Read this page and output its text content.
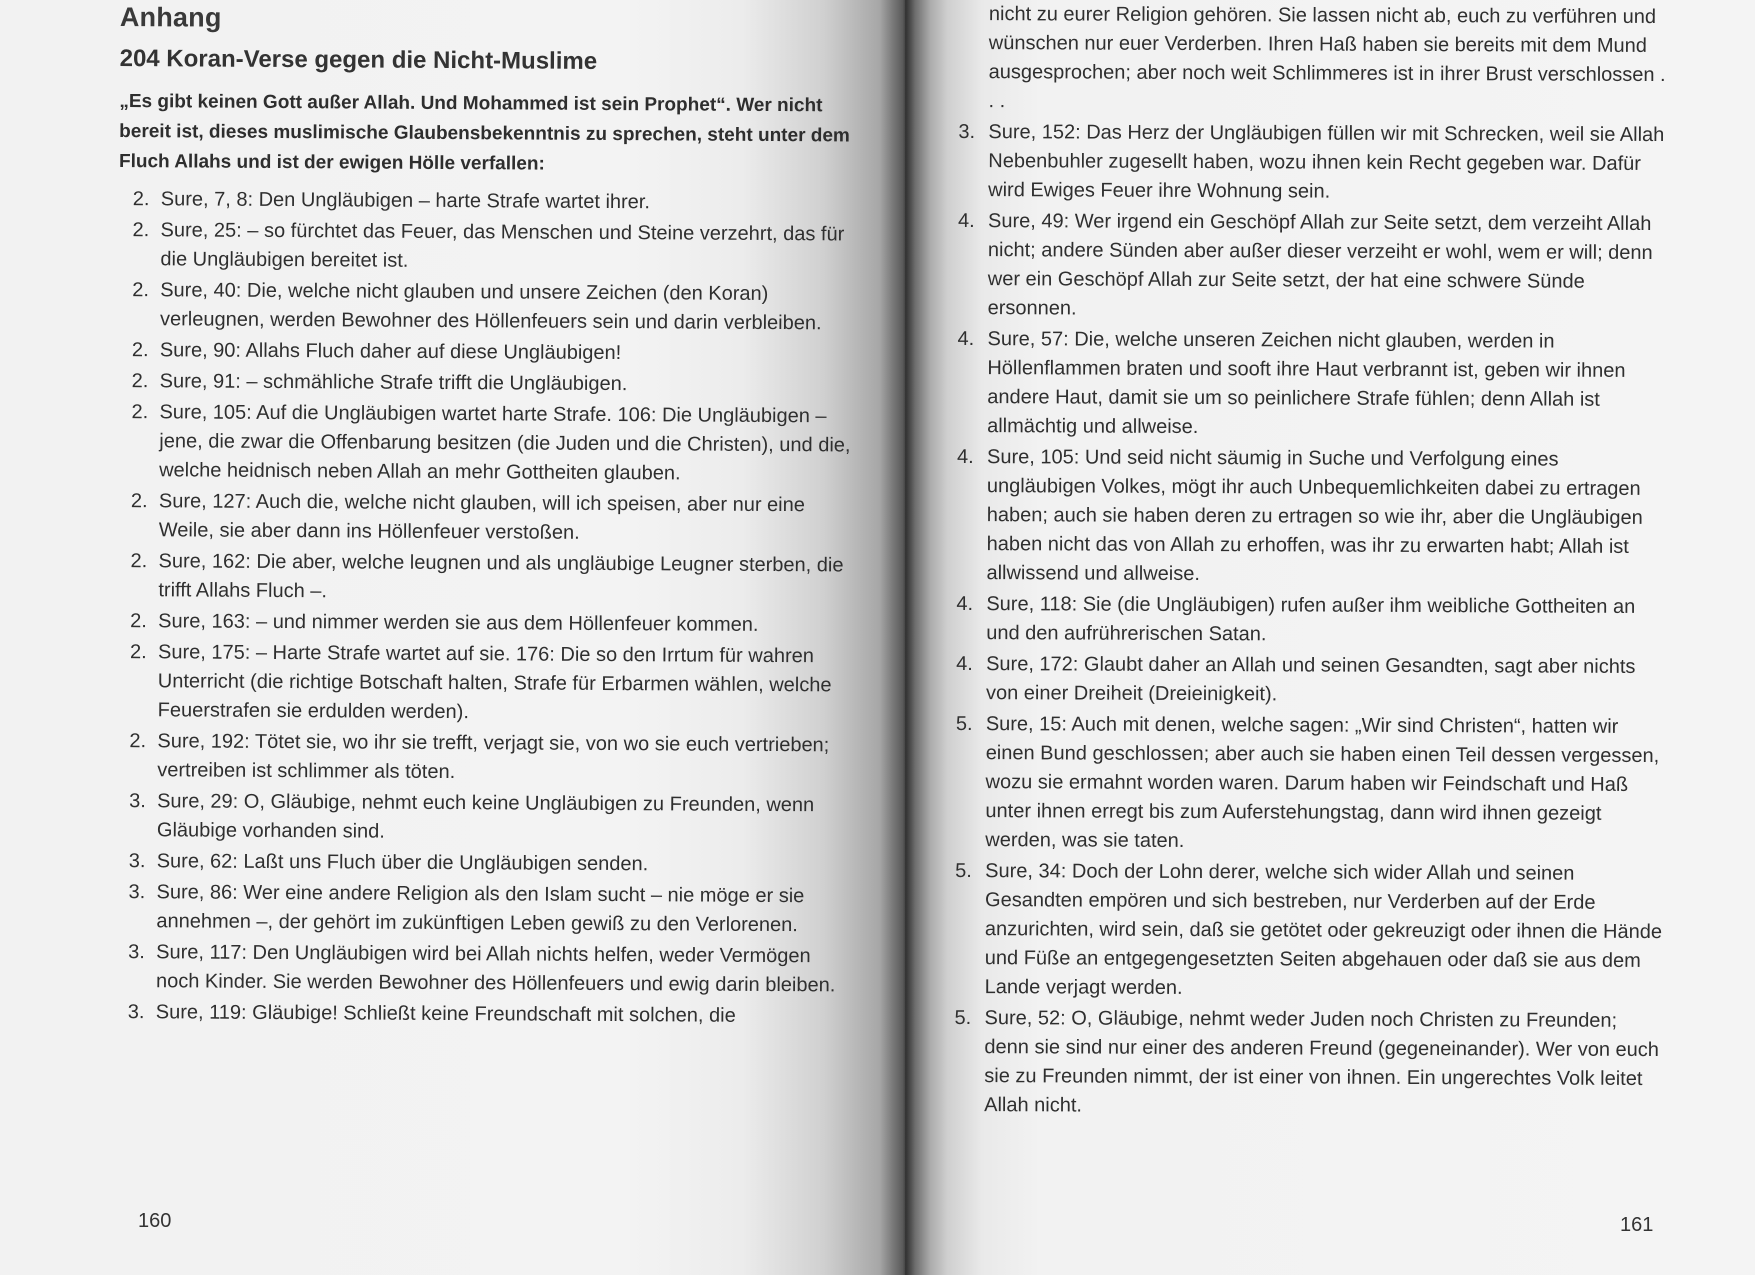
Anhang
204 Koran-Verse gegen die Nicht-Muslime
„Es gibt keinen Gott außer Allah. Und Mohammed ist sein Prophet“. Wer nicht bereit ist, dieses muslimische Glaubensbekenntnis zu sprechen, steht unter dem Fluch Allahs und ist der ewigen Hölle verfallen:
2. Sure, 7, 8: Den Ungläubigen – harte Strafe wartet ihrer.
2. Sure, 25: – so fürchtet das Feuer, das Menschen und Steine verzehrt, das für die Ungläubigen bereitet ist.
2. Sure, 40: Die, welche nicht glauben und unsere Zeichen (den Koran) verleugnen, werden Bewohner des Höllenfeuers sein und darin verbleiben.
2. Sure, 90: Allahs Fluch daher auf diese Ungläubigen!
2. Sure, 91: – schmähliche Strafe trifft die Ungläubigen.
2. Sure, 105: Auf die Ungläubigen wartet harte Strafe. 106: Die Ungläubigen – jene, die zwar die Offenbarung besitzen (die Juden und die Christen), und die, welche heidnisch neben Allah an mehr Gottheiten glauben.
2. Sure, 127: Auch die, welche nicht glauben, will ich speisen, aber nur eine Weile, sie aber dann ins Höllenfeuer verstoßen.
2. Sure, 162: Die aber, welche leugnen und als ungläubige Leugner sterben, die trifft Allahs Fluch –.
2. Sure, 163: – und nimmer werden sie aus dem Höllenfeuer kommen.
2. Sure, 175: – Harte Strafe wartet auf sie. 176: Die so den Irrtum für wahren Unterricht (die richtige Botschaft halten, Strafe für Erbarmen wählen, welche Feuerstrafen sie erdulden werden).
2. Sure, 192: Tötet sie, wo ihr sie trefft, verjagt sie, von wo sie euch vertrieben; vertreiben ist schlimmer als töten.
3. Sure, 29: O, Gläubige, nehmt euch keine Ungläubigen zu Freunden, wenn Gläubige vorhanden sind.
3. Sure, 62: Laßt uns Fluch über die Ungläubigen senden.
3. Sure, 86: Wer eine andere Religion als den Islam sucht – nie möge er sie annehmen –, der gehört im zukünftigen Leben gewiß zu den Verlorenen.
3. Sure, 117: Den Ungläubigen wird bei Allah nichts helfen, weder Vermögen noch Kinder. Sie werden Bewohner des Höllenfeuers und ewig darin bleiben.
3. Sure, 119: Gläubige! Schließt keine Freundschaft mit solchen, die
160
nicht zu eurer Religion gehören. Sie lassen nicht ab, euch zu verführen und wünschen nur euer Verderben. Ihren Haß haben sie bereits mit dem Mund ausgesprochen; aber noch weit Schlimmeres ist in ihrer Brust verschlossen . . .
3. Sure, 152: Das Herz der Ungläubigen füllen wir mit Schrecken, weil sie Allah Nebenbuhler zugesellt haben, wozu ihnen kein Recht gegeben war. Dafür wird Ewiges Feuer ihre Wohnung sein.
4. Sure, 49: Wer irgend ein Geschöpf Allah zur Seite setzt, dem verzeiht Allah nicht; andere Sünden aber außer dieser verzeiht er wohl, wem er will; denn wer ein Geschöpf Allah zur Seite setzt, der hat eine schwere Sünde ersonnen.
4. Sure, 57: Die, welche unseren Zeichen nicht glauben, werden in Höllenflammen braten und sooft ihre Haut verbrannt ist, geben wir ihnen andere Haut, damit sie um so peinlichere Strafe fühlen; denn Allah ist allmächtig und allweise.
4. Sure, 105: Und seid nicht säumig in Suche und Verfolgung eines ungläubigen Volkes, mögt ihr auch Unbequemlichkeiten dabei zu ertragen haben; auch sie haben deren zu ertragen so wie ihr, aber die Ungläubigen haben nicht das von Allah zu erhoffen, was ihr zu erwarten habt; Allah ist allwissend und allweise.
4. Sure, 118: Sie (die Ungläubigen) rufen außer ihm weibliche Gottheiten an und den aufrührerischen Satan.
4. Sure, 172: Glaubt daher an Allah und seinen Gesandten, sagt aber nichts von einer Dreiheit (Dreieinigkeit).
5. Sure, 15: Auch mit denen, welche sagen: „Wir sind Christen“, hatten wir einen Bund geschlossen; aber auch sie haben einen Teil dessen vergessen, wozu sie ermahnt worden waren. Darum haben wir Feindschaft und Haß unter ihnen erregt bis zum Auferstehungstag, dann wird ihnen gezeigt werden, was sie taten.
5. Sure, 34: Doch der Lohn derer, welche sich wider Allah und seinen Gesandten empören und sich bestreben, nur Verderben auf der Erde anzurichten, wird sein, daß sie getötet oder gekreuzigt oder ihnen die Hände und Füße an entgegengesetzten Seiten abgehauen oder daß sie aus dem Lande verjagt werden.
5. Sure, 52: O, Gläubige, nehmt weder Juden noch Christen zu Freunden; denn sie sind nur einer des anderen Freund (gegeneinander). Wer von euch sie zu Freunden nimmt, der ist einer von ihnen. Ein ungerechtes Volk leitet Allah nicht.
161
